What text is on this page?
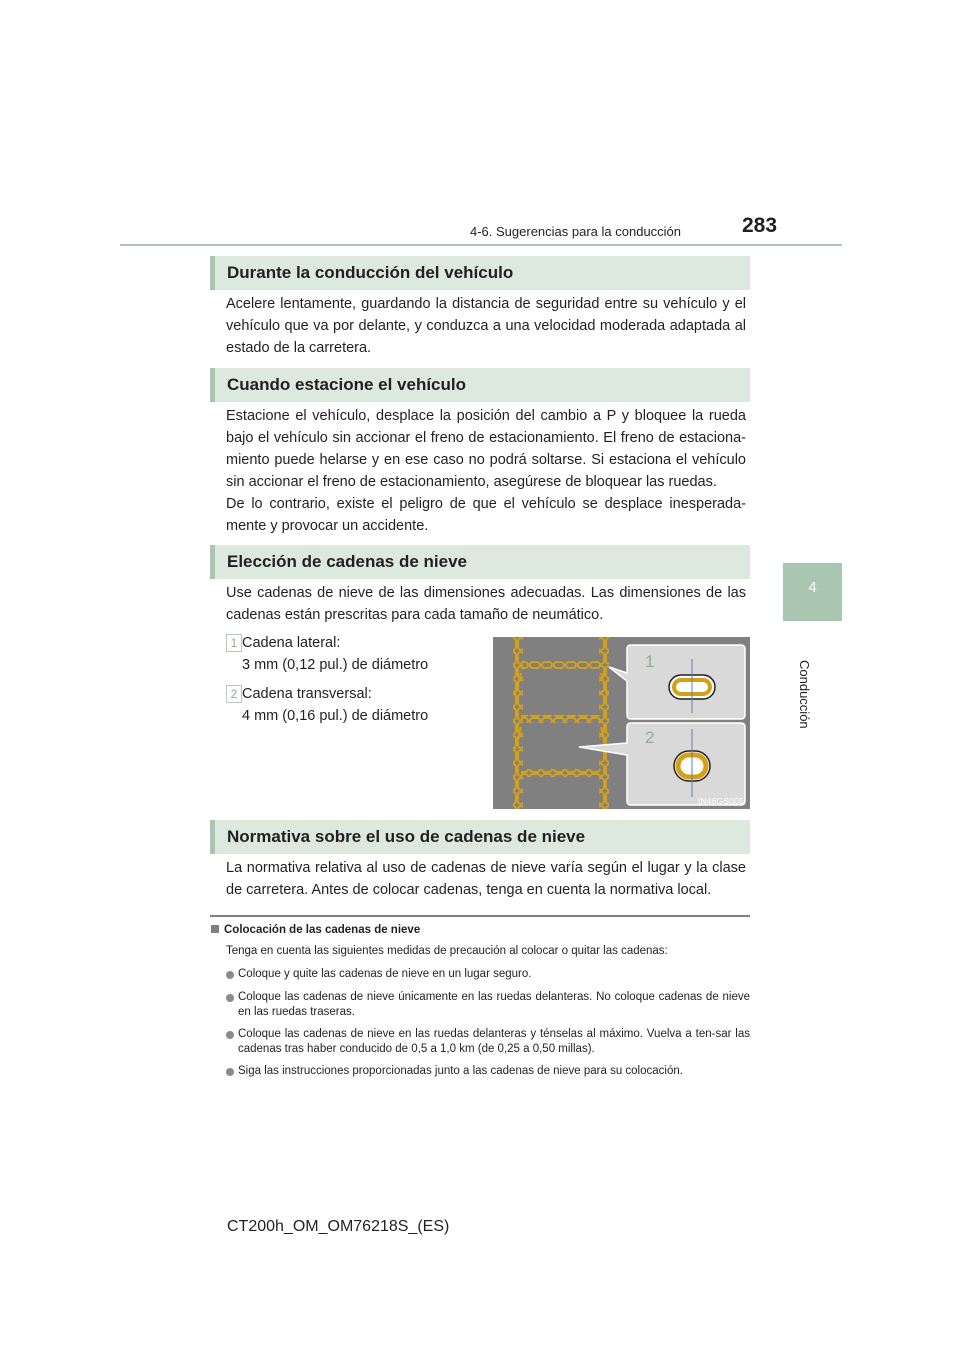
4-6. Sugerencias para la conducción	283
4
Conducción
Durante la conducción del vehículo

Acelere lentamente, guardando la distancia de seguridad entre su vehículo y el vehículo que va por delante, y conduzca a una velocidad moderada adaptada al estado de la carretera.

Cuando estacione el vehículo

Estacione el vehículo, desplace la posición del cambio a P y bloquee la rueda bajo el vehículo sin accionar el freno de estacionamiento. El freno de estaciona-miento puede helarse y en ese caso no podrá soltarse. Si estaciona el vehículo sin accionar el freno de estacionamiento, asegúrese de bloquear las ruedas.

De lo contrario, existe el peligro de que el vehículo se desplace inesperada-mente y provocar un accidente.

Elección de cadenas de nieve

Use cadenas de nieve de las dimensiones adecuadas. Las dimensiones de las cadenas están prescritas para cada tamaño de neumático.

1 Cadena lateral:
3 mm (0,12 pul.) de diámetro
2 Cadena transversal:
4 mm (0,16 pul.) de diámetro
1
2
IN46GS005
Normativa sobre el uso de cadenas de nieve

La normativa relativa al uso de cadenas de nieve varía según el lugar y la clase de carretera. Antes de colocar cadenas, tenga en cuenta la normativa local.

Colocación de las cadenas de nieve

Tenga en cuenta las siguientes medidas de precaución al colocar o quitar las cadenas:

Coloque y quite las cadenas de nieve en un lugar seguro.

Coloque las cadenas de nieve únicamente en las ruedas delanteras. No coloque cadenas de nieve en las ruedas traseras.

Coloque las cadenas de nieve en las ruedas delanteras y ténselas al máximo. Vuelva a ten-sar las cadenas tras haber conducido de 0,5 a 1,0 km (de 0,25 a 0,50 millas).

Siga las instrucciones proporcionadas junto a las cadenas de nieve para su colocación.

CT200h_OM_OM76218S_(ES)
